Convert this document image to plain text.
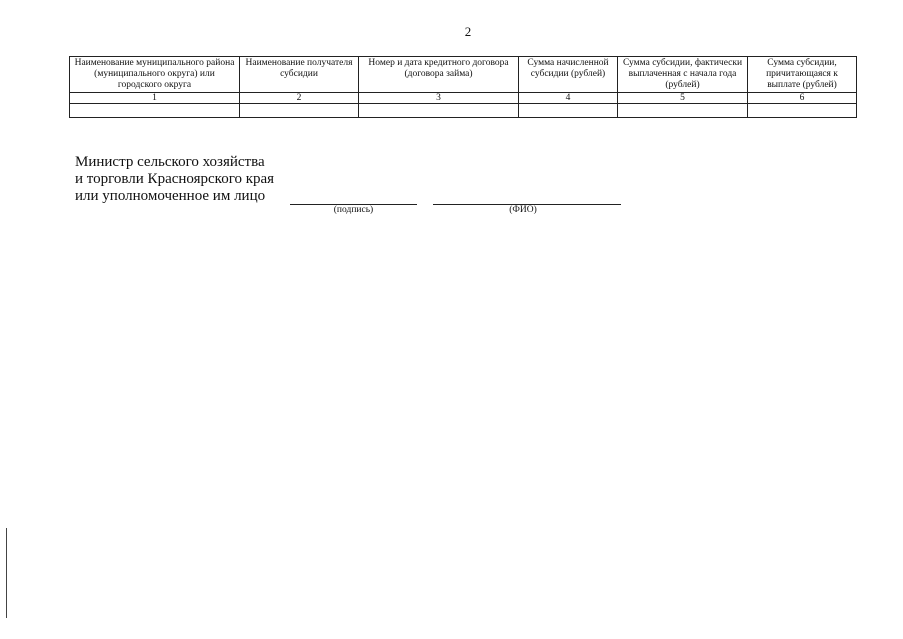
2
Наименование муниципального района (муниципального округа) или городского округа	Наименование получателя субсидии	Номер и дата кредитного договора (договора займа)	Сумма начисленной субсидии (рублей)	Сумма субсидии, фактически выплаченная с начала года (рублей)	Сумма субсидии, причитающаяся к выплате (рублей)
1	2	3	4	5	6

Министр сельского хозяйства
и торговли Красноярского края
или уполномоченное им лицо
(подпись)	(ФИО)
